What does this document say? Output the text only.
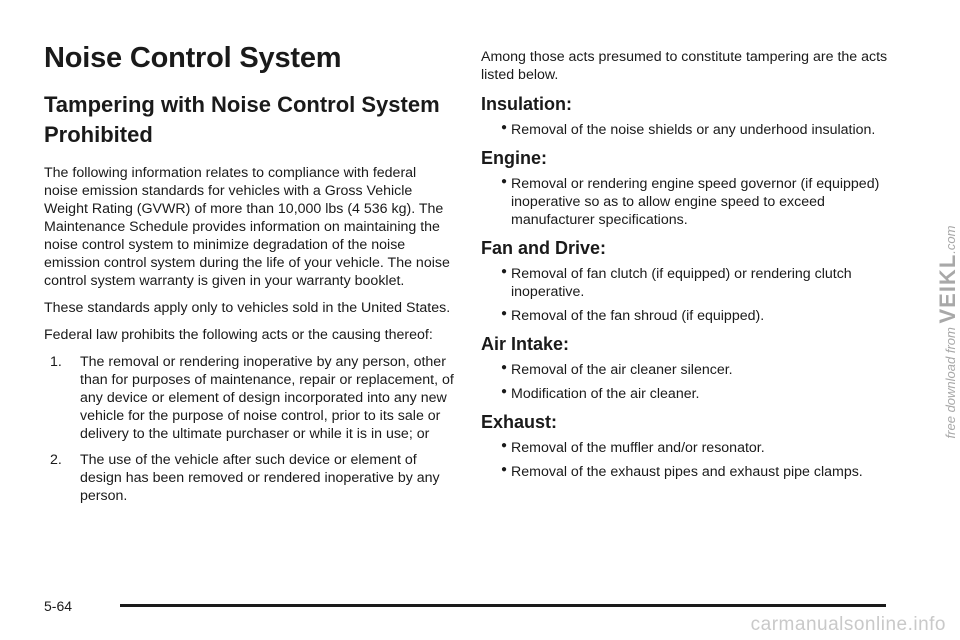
Noise Control System
Tampering with Noise Control System Prohibited

The following information relates to compliance with federal noise emission standards for vehicles with a Gross Vehicle Weight Rating (GVWR) of more than 10,000 lbs (4 536 kg). The Maintenance Schedule provides information on maintaining the noise control system to minimize degradation of the noise emission control system during the life of your vehicle. The noise control system warranty is given in your warranty booklet.

These standards apply only to vehicles sold in the United States.

Federal law prohibits the following acts or the causing thereof:

1. The removal or rendering inoperative by any person, other than for purposes of maintenance, repair or replacement, of any device or element of design incorporated into any new vehicle for the purpose of noise control, prior to its sale or delivery to the ultimate purchaser or while it is in use; or
2. The use of the vehicle after such device or element of design has been removed or rendered inoperative by any person.

Among those acts presumed to constitute tampering are the acts listed below.

Insulation:
● Removal of the noise shields or any underhood insulation.
Engine:
● Removal or rendering engine speed governor (if equipped) inoperative so as to allow engine speed to exceed manufacturer specifications.
Fan and Drive:
● Removal of fan clutch (if equipped) or rendering clutch inoperative.
● Removal of the fan shroud (if equipped).
Air Intake:
● Removal of the air cleaner silencer.
● Modification of the air cleaner.
Exhaust:
● Removal of the muffler and/or resonator.
● Removal of the exhaust pipes and exhaust pipe clamps.
free download from VEIKL.com
5-64
carmanualsonline.info
